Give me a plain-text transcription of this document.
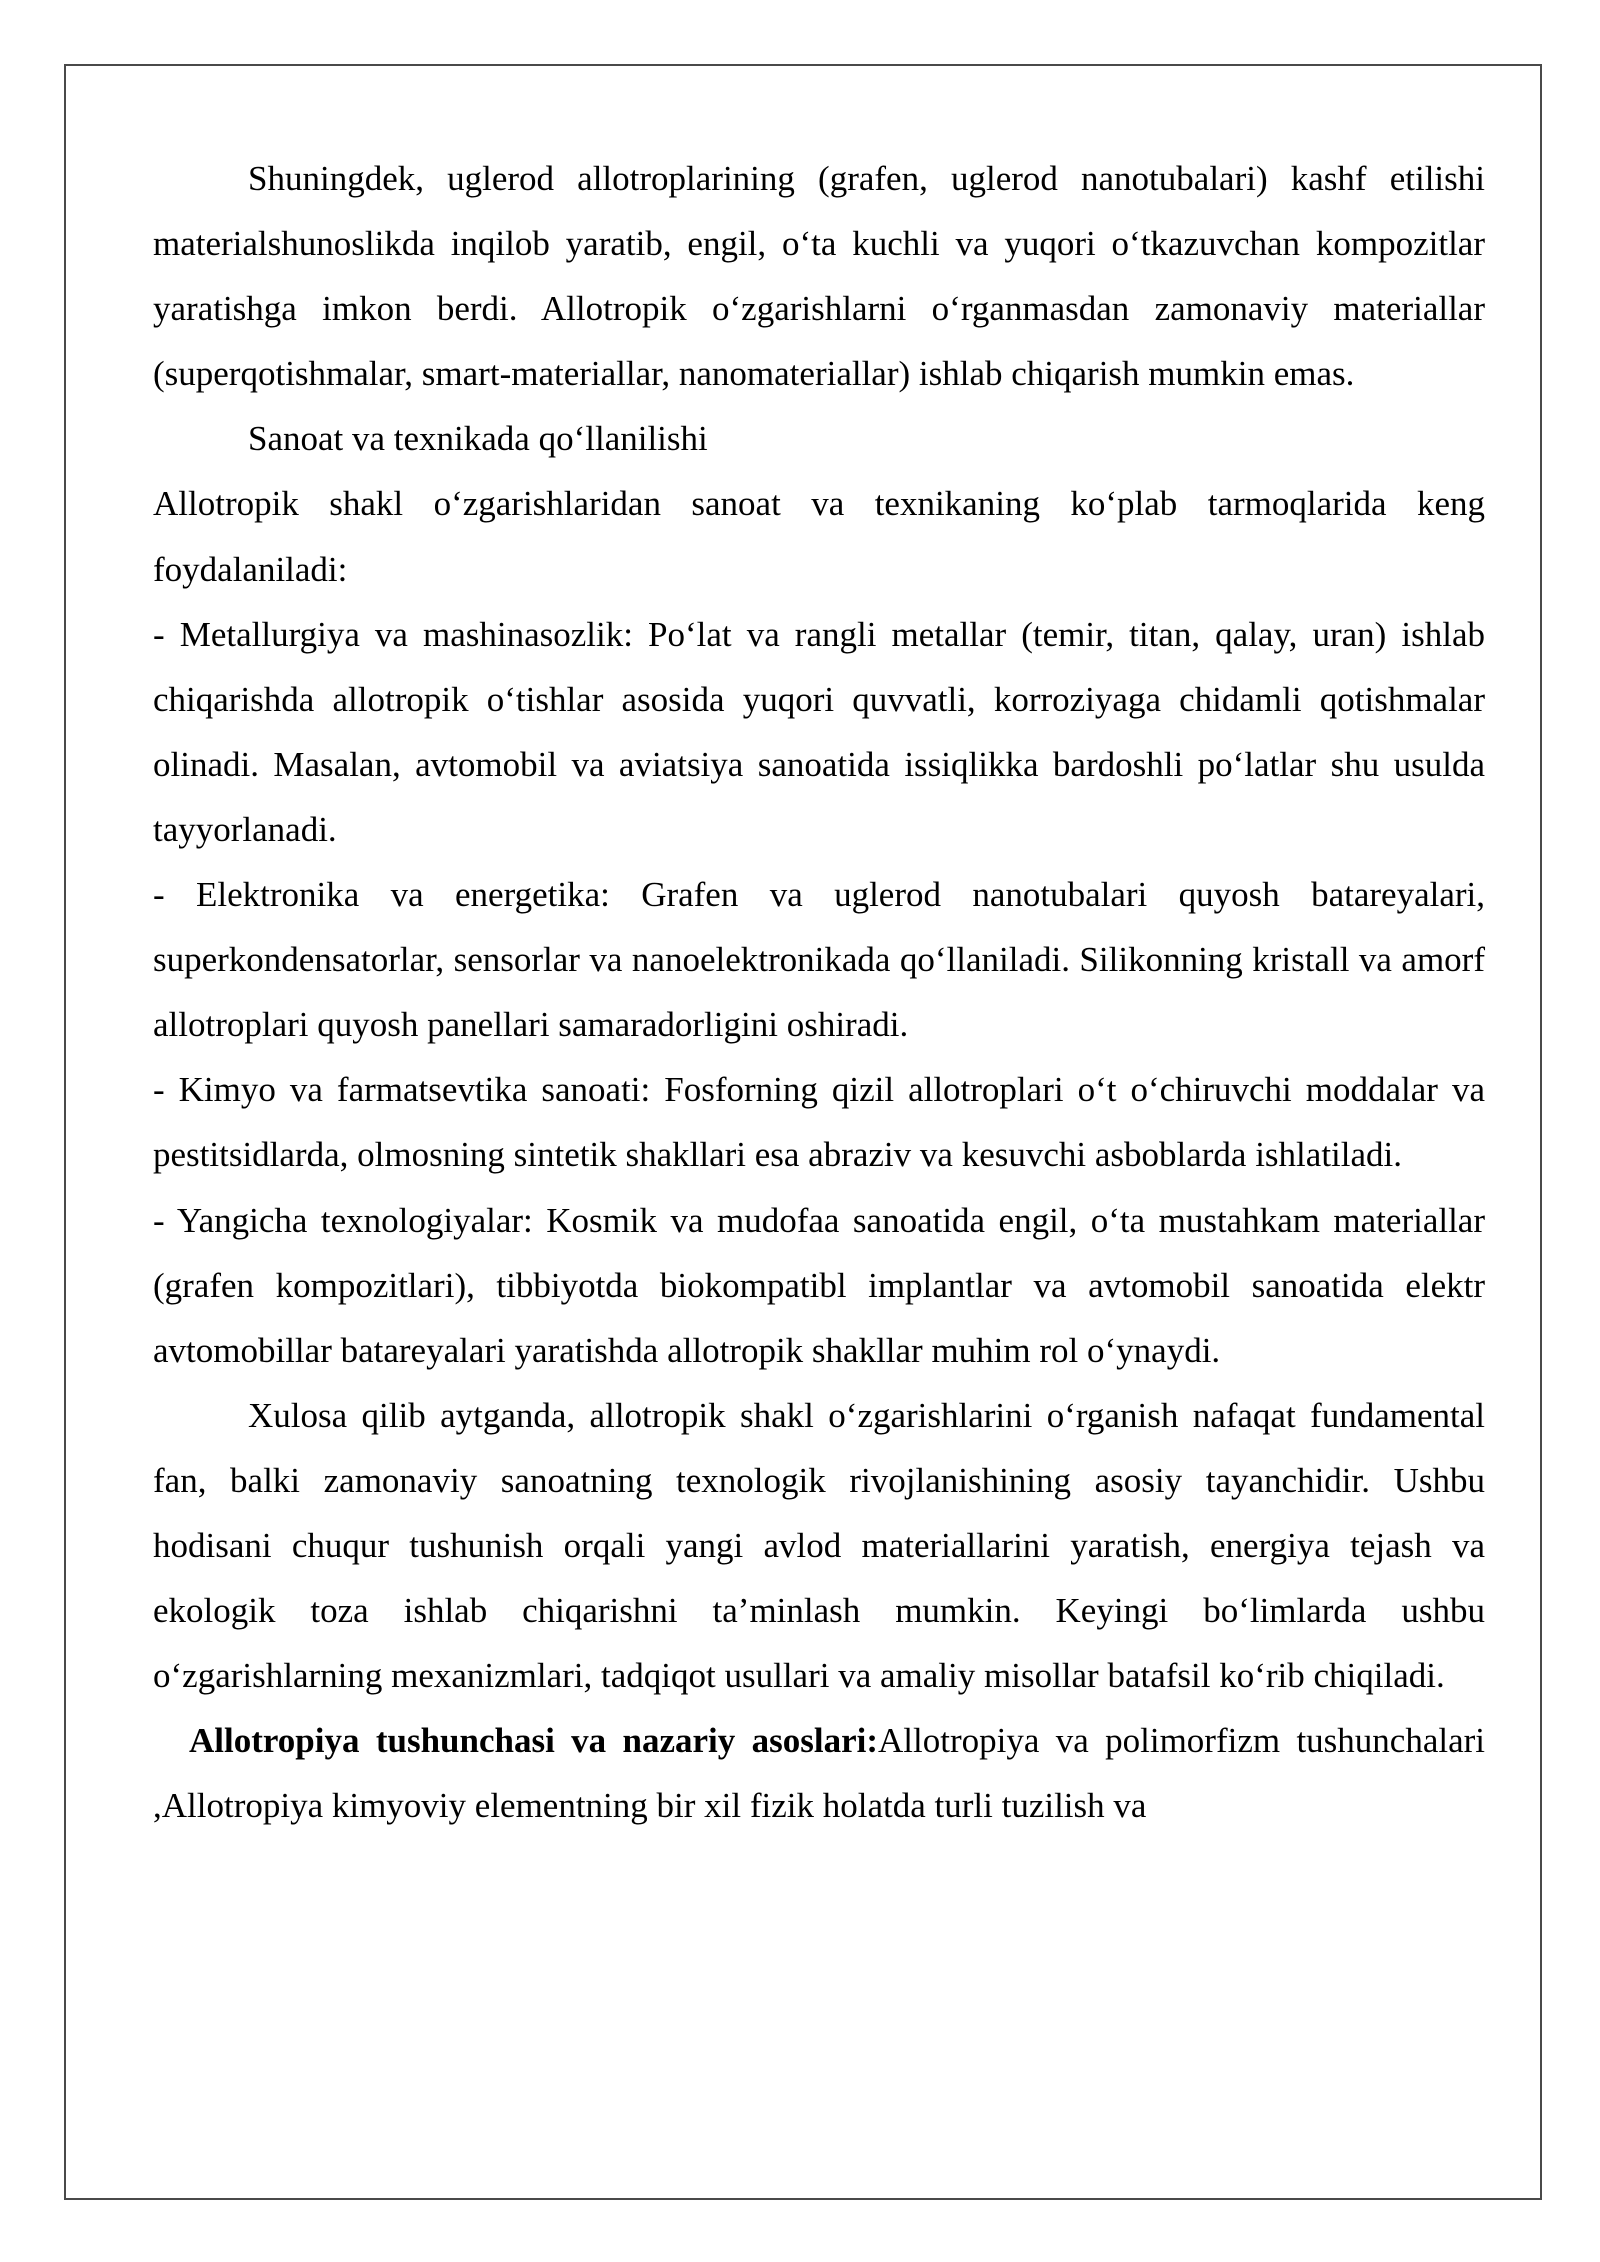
Shuningdek, uglerod allotroplarining (grafen, uglerod nanotubalari) kashf etilishi materialshunoslikda inqilob yaratib, engil, o‘ta kuchli va yuqori o‘tkazuvchan kompozitlar yaratishga imkon berdi. Allotropik o‘zgarishlarni o‘rganmasdan zamonaviy materiallar (superqotishmalar, smart-materiallar, nanomateriallar) ishlab chiqarish mumkin emas.

Sanoat va texnikada qo‘llanilishi

Allotropik shakl o‘zgarishlaridan sanoat va texnikaning ko‘plab tarmoqlarida keng foydalaniladi:

- Metallurgiya va mashinasozlik: Po‘lat va rangli metallar (temir, titan, qalay, uran) ishlab chiqarishda allotropik o‘tishlar asosida yuqori quvvatli, korroziyaga chidamli qotishmalar olinadi. Masalan, avtomobil va aviatsiya sanoatida issiqlikka bardoshli po‘latlar shu usulda tayyorlanadi.

- Elektronika va energetika: Grafen va uglerod nanotubalari quyosh batareyalari, superkondensatorlar, sensorlar va nanoelektronikada qo‘llaniladi. Silikonning kristall va amorf allotroplari quyosh panellari samaradorligini oshiradi.

- Kimyo va farmatsevtika sanoati: Fosforning qizil allotroplari o‘t o‘chiruvchi moddalar va pestitsidlarda, olmosning sintetik shakllari esa abraziv va kesuvchi asboblarda ishlatiladi.

- Yangicha texnologiyalar: Kosmik va mudofaa sanoatida engil, o‘ta mustahkam materiallar (grafen kompozitlari), tibbiyotda biokompatibl implantlar va avtomobil sanoatida elektr avtomobillar batareyalari yaratishda allotropik shakllar muhim rol o‘ynaydi.

Xulosa qilib aytganda, allotropik shakl o‘zgarishlarini o‘rganish nafaqat fundamental fan, balki zamonaviy sanoatning texnologik rivojlanishining asosiy tayanchidir. Ushbu hodisani chuqur tushunish orqali yangi avlod materiallarini yaratish, energiya tejash va ekologik toza ishlab chiqarishni ta’minlash mumkin. Keyingi bo‘limlarda ushbu o‘zgarishlarning mexanizmlari, tadqiqot usullari va amaliy misollar batafsil ko‘rib chiqiladi.

Allotropiya tushunchasi va nazariy asoslari:Allotropiya va polimorfizm tushunchalari ,Allotropiya kimyoviy elementning bir xil fizik holatda turli tuzilish va
